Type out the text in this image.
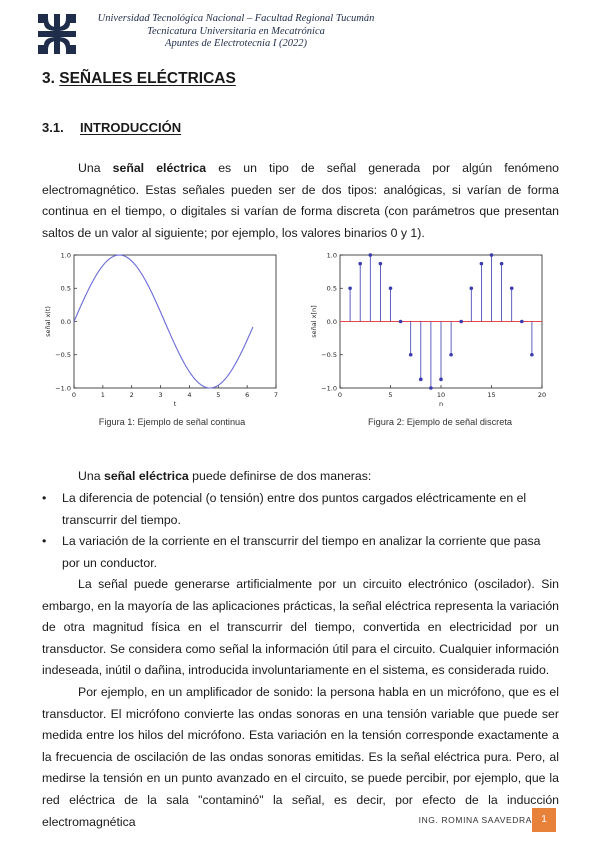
Universidad Tecnológica Nacional – Facultad Regional Tucumán
Tecnicatura Universitaria en Mecatrónica
Apuntes de Electrotecnia I (2022)
3. SEÑALES ELÉCTRICAS
3.1. INTRODUCCIÓN

Una señal eléctrica es un tipo de señal generada por algún fenómeno electromagnético. Estas señales pueden ser de dos tipos: analógicas, si varían de forma continua en el tiempo, o digitales si varían de forma discreta (con parámetros que presentan saltos de un valor al siguiente; por ejemplo, los valores binarios 0 y 1).

0	1	2	3	4	5	6	7
1.0
0.5
0.0
−0.5
−1.0
t
señal x(t)
Figura 1: Ejemplo de señal continua
0	5	10	15	20
1.0
0.5
0.0
−0.5
−1.0
n
señal x[n]
Figura 2: Ejemplo de señal discreta

Una señal eléctrica puede definirse de dos maneras:

• La diferencia de potencial (o tensión) entre dos puntos cargados eléctricamente en el transcurrir del tiempo.
• La variación de la corriente en el transcurrir del tiempo en analizar la corriente que pasa por un conductor.

La señal puede generarse artificialmente por un circuito electrónico (oscilador). Sin embargo, en la mayoría de las aplicaciones prácticas, la señal eléctrica representa la variación de otra magnitud física en el transcurrir del tiempo, convertida en electricidad por un transductor. Se considera como señal la información útil para el circuito. Cualquier información indeseada, inútil o dañina, introducida involuntariamente en el sistema, es considerada ruido.

Por ejemplo, en un amplificador de sonido: la persona habla en un micrófono, que es el transductor. El micrófono convierte las ondas sonoras en una tensión variable que puede ser medida entre los hilos del micrófono. Esta variación en la tensión corresponde exactamente a la frecuencia de oscilación de las ondas sonoras emitidas. Es la señal eléctrica pura. Pero, al medirse la tensión en un punto avanzado en el circuito, se puede percibir, por ejemplo, que la red eléctrica de la sala "contaminó" la señal, es decir, por efecto de la inducción electromagnética	ING. ROMINA SAAVEDRA 1
